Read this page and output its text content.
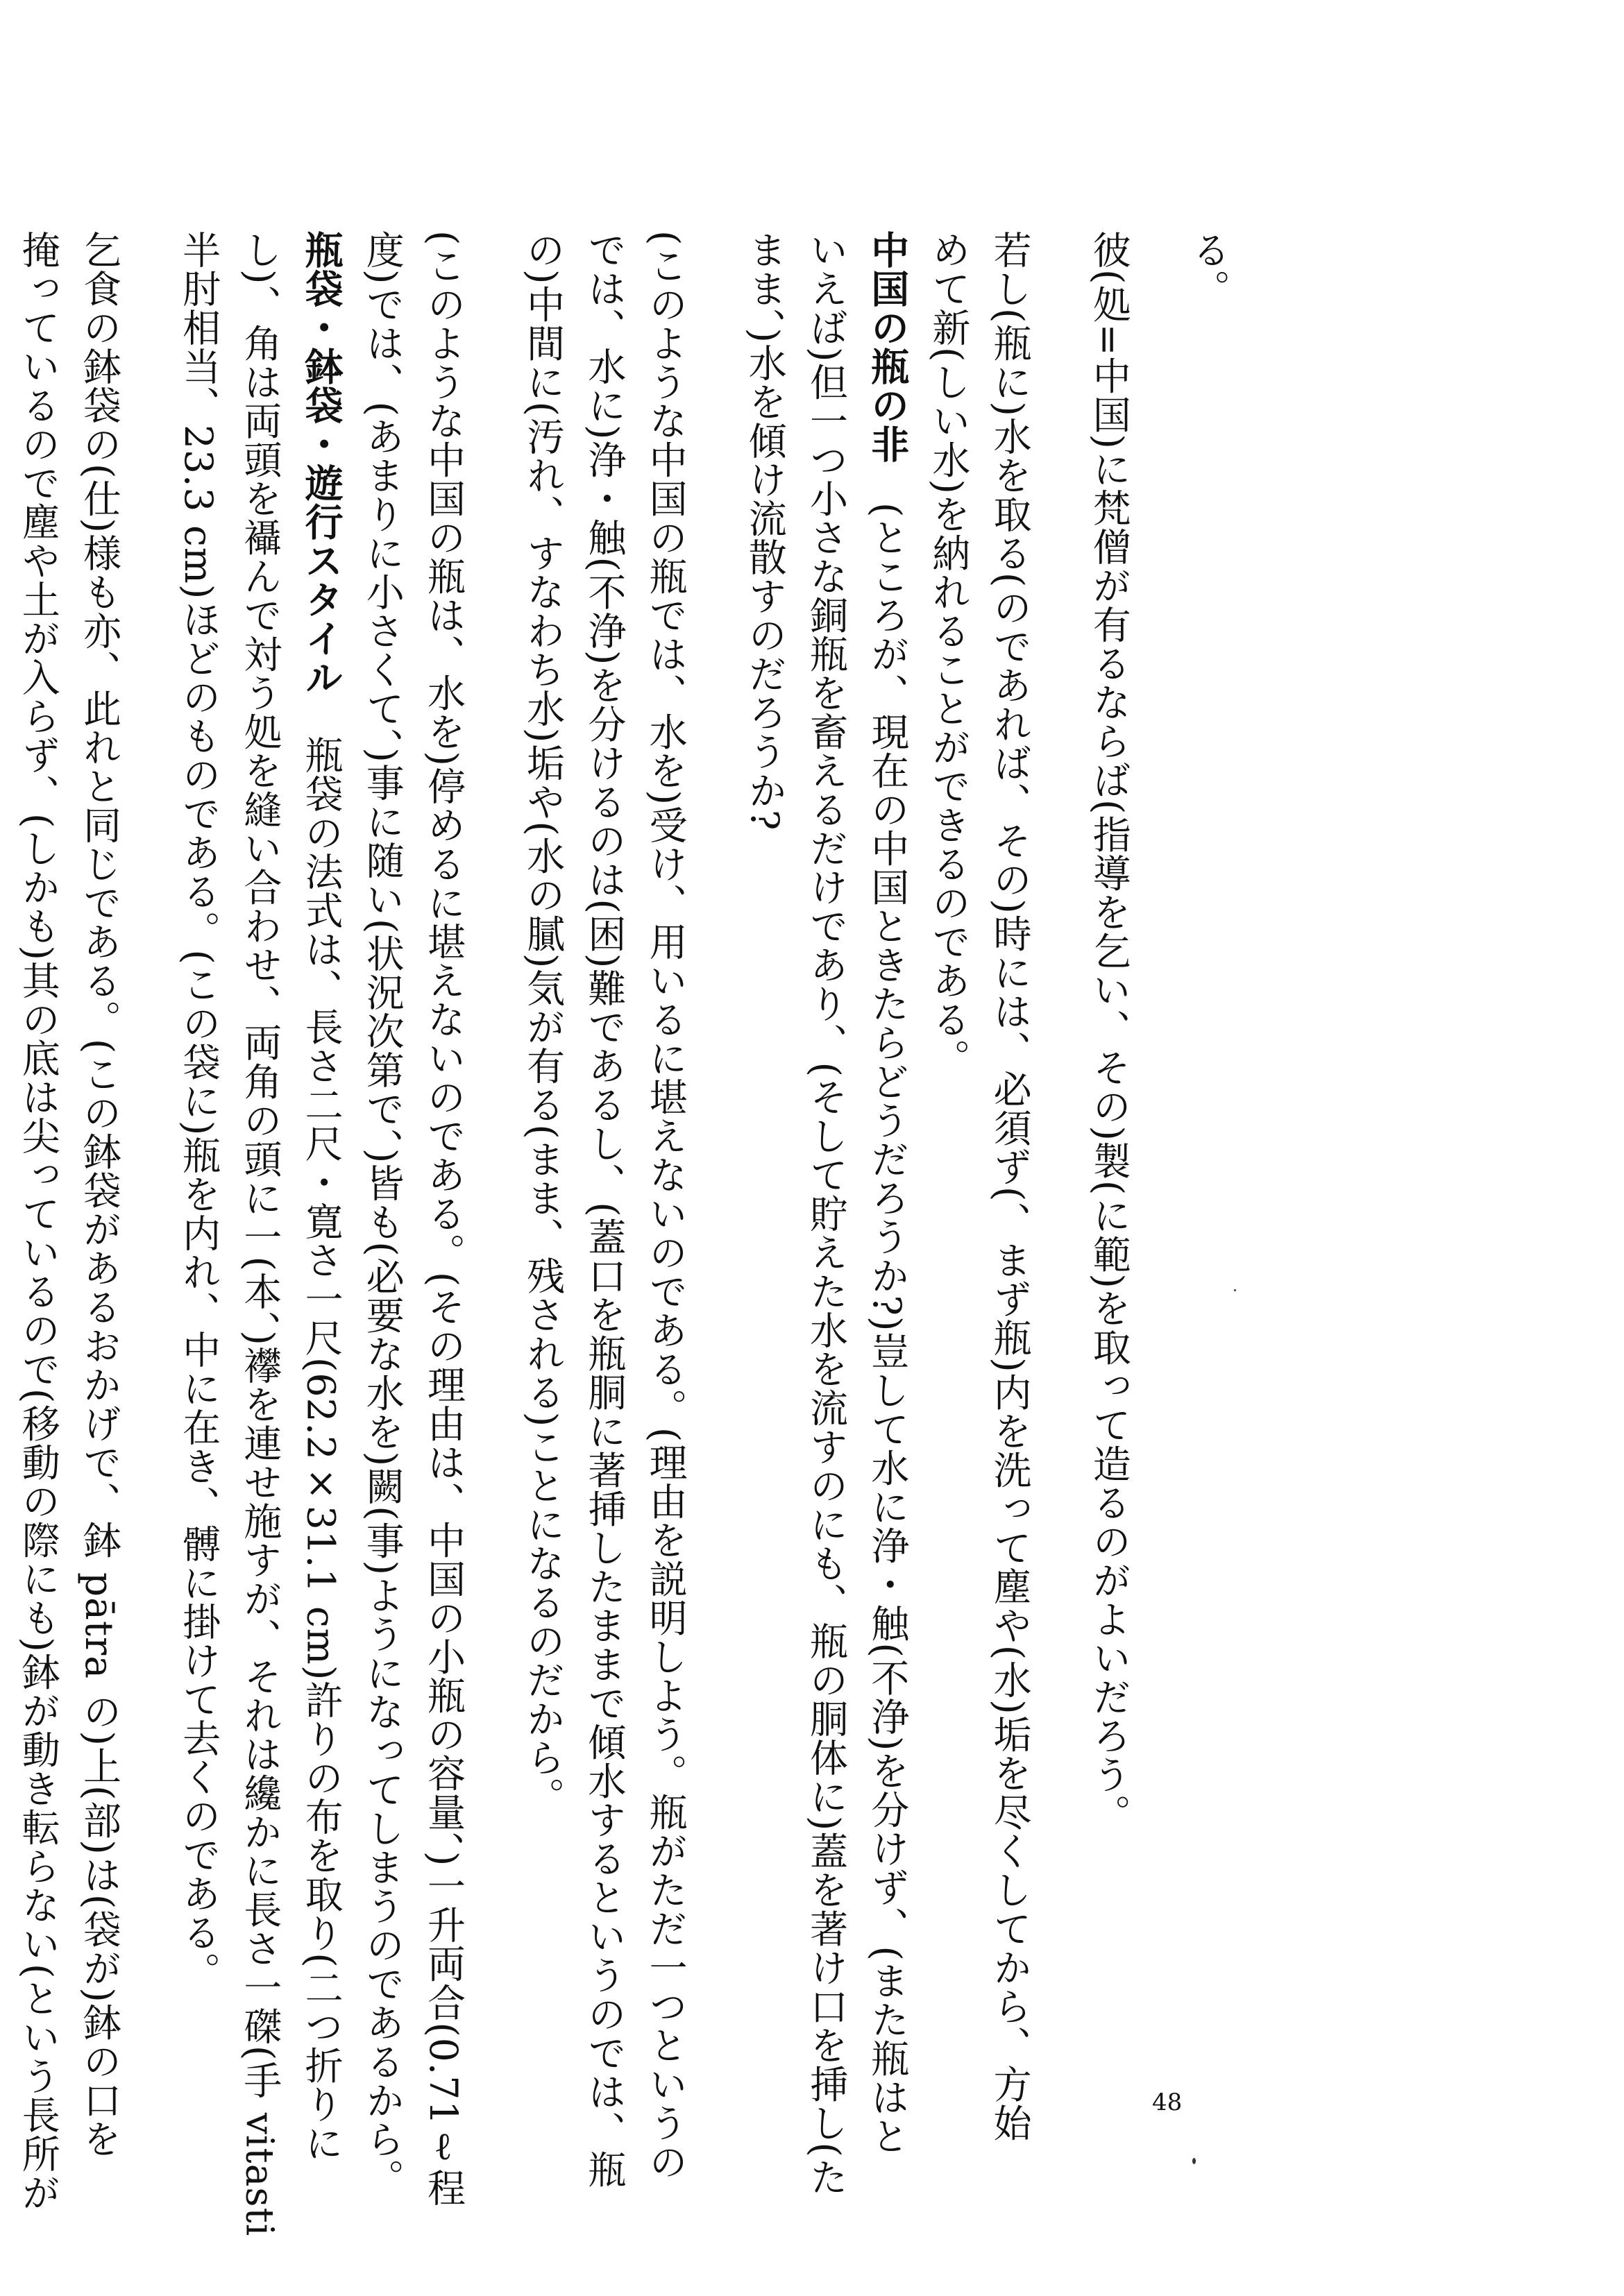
る。
彼(処=中国)に梵僧が有るならば(指導を乞い、その)製(に範)を取って造るのがよいだろう。
若し(瓶に)水を取る(のであれば、その)時には、必須ず(、まず瓶)内を洗って塵や(水)垢を尽くしてから、方始
めて新(しい水)を納れることができるのである。
中国の瓶の非　(ところが、現在の中国ときたらどうだろうか?)豈して水に浄・触(不浄)を分けず、(また瓶はと
いえば)但一つ小さな銅瓶を畜えるだけであり、(そして貯えた水を流すのにも、瓶の胴体に)蓋を著け口を挿し(た
まま、)水を傾け流散すのだろうか?
(このような中国の瓶では、水を)受け、用いるに堪えないのである。(理由を説明しよう。瓶がただ一つというの
では、水に)浄・触(不浄)を分けるのは(困)難であるし、(蓋口を瓶胴に著挿したままで傾水するというのでは、瓶
の)中間に(汚れ、すなわち水)垢や(水の膩)気が有る(まま、残される)ことになるのだから。
(このような中国の瓶は、水を)停めるに堪えないのである。(その理由は、中国の小瓶の容量、)一升両合(0.71ℓ程
度)では、(あまりに小さくて、)事に随い(状況次第で、)皆も(必要な水を)闕(事)ようになってしまうのであるから。
瓶袋・鉢袋・遊行スタイル　瓶袋の法式は、長さ二尺・寛さ一尺(62.2×31.1 cm)許りの布を取り(二つ折りに
し)、角は両頭を襵んで対う処を縫い合わせ、両角の頭に一(本、)襻を連せ施すが、それは纔かに長さ一磔(手 vitasti
半肘相当、23.3 cm)ほどのものである。(この袋に)瓶を内れ、中に在き、髆に掛けて去くのである。
乞食の鉢袋の(仕)様も亦、此れと同じである。(この鉢袋があるおかげで、鉢 pātra の)上(部)は(袋が)鉢の口を
掩っているので塵や土が入らず、(しかも)其の底は尖っているので(移動の際にも)鉢が動き転らない(という長所が	48
